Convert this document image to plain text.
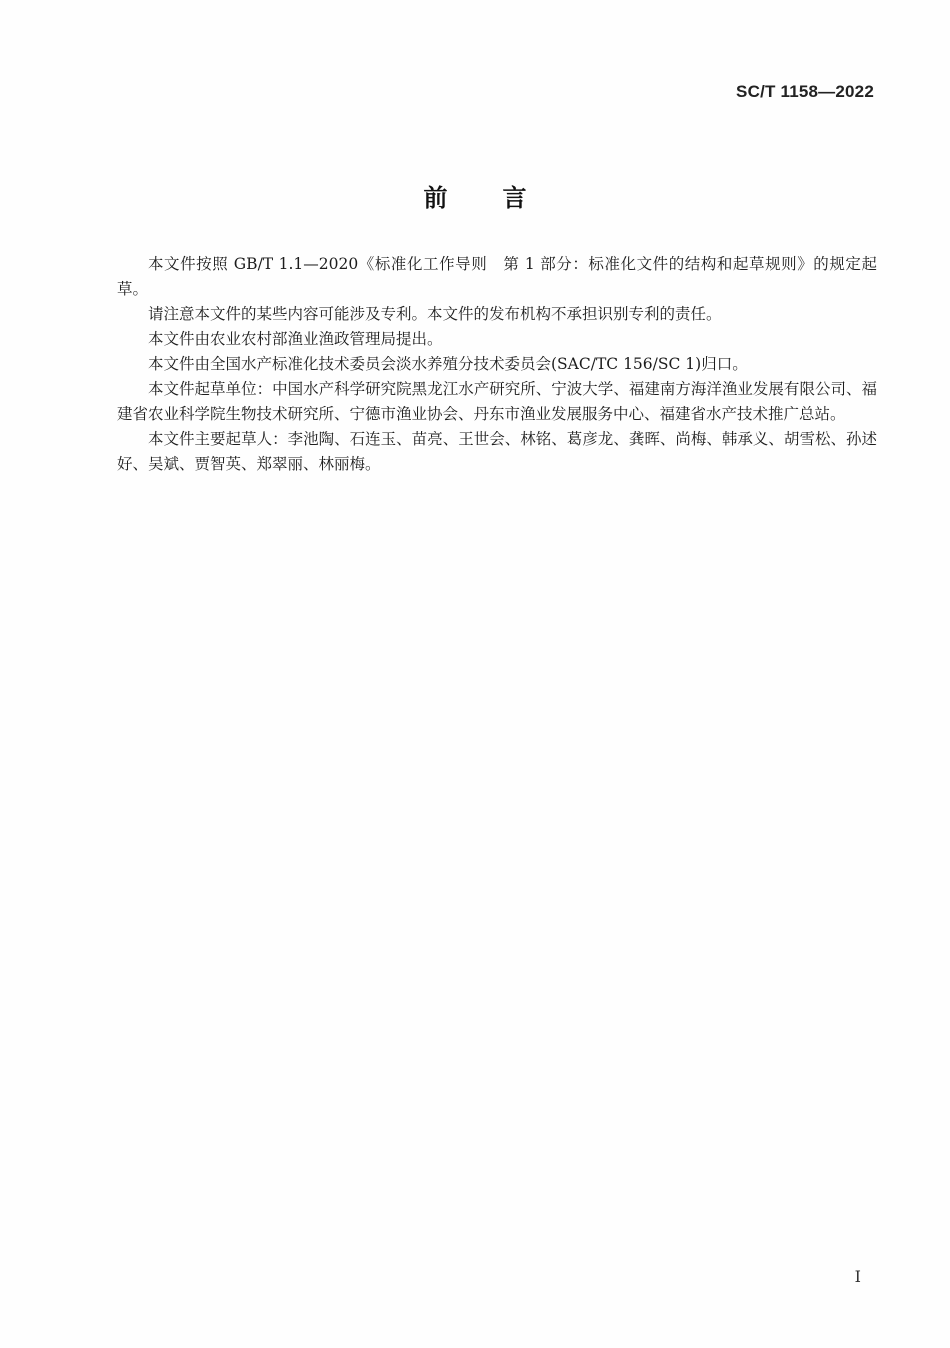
SC/T 1158—2022
前 言

本文件按照 GB/T 1.1—2020《标准化工作导则　第 1 部分：标准化文件的结构和起草规则》的规定起草。

请注意本文件的某些内容可能涉及专利。本文件的发布机构不承担识别专利的责任。

本文件由农业农村部渔业渔政管理局提出。

本文件由全国水产标准化技术委员会淡水养殖分技术委员会(SAC/TC 156/SC 1)归口。

本文件起草单位：中国水产科学研究院黑龙江水产研究所、宁波大学、福建南方海洋渔业发展有限公司、福建省农业科学院生物技术研究所、宁德市渔业协会、丹东市渔业发展服务中心、福建省水产技术推广总站。

本文件主要起草人：李池陶、石连玉、苗亮、王世会、林铭、葛彦龙、龚晖、尚梅、韩承义、胡雪松、孙述好、吴斌、贾智英、郑翠丽、林丽梅。

I
